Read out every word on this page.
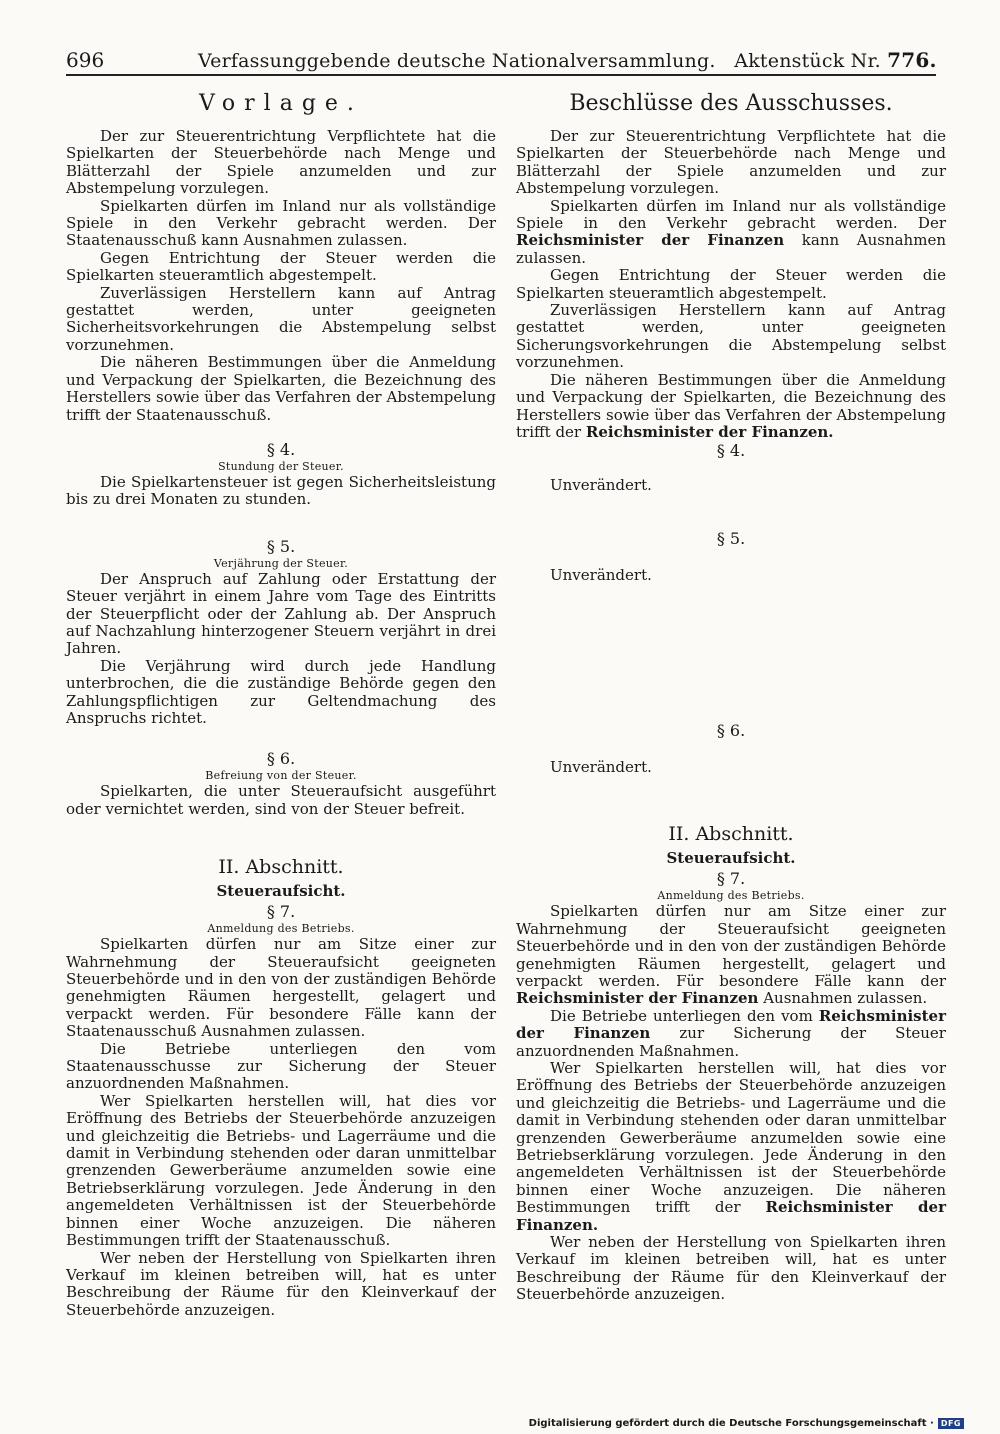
696	Verfassunggebende deutsche Nationalversammlung. Aktenstück Nr. 776.
Vorlage.

Der zur Steuerentrichtung Verpflichtete hat die Spielkarten der Steuerbehörde nach Menge und Blätterzahl der Spiele anzumelden und zur Abstempelung vorzulegen.

Spielkarten dürfen im Inland nur als vollständige Spiele in den Verkehr gebracht werden. Der Staatenausschuß kann Ausnahmen zulassen.

Gegen Entrichtung der Steuer werden die Spielkarten steueramtlich abgestempelt.

Zuverlässigen Herstellern kann auf Antrag gestattet werden, unter geeigneten Sicherheitsvorkehrungen die Abstempelung selbst vorzunehmen.

Die näheren Bestimmungen über die Anmeldung und Verpackung der Spielkarten, die Bezeichnung des Herstellers sowie über das Verfahren der Abstempelung trifft der Staatenausschuß.

§ 4.
Stundung der Steuer.

Die Spielkartensteuer ist gegen Sicherheitsleistung bis zu drei Monaten zu stunden.

§ 5.
Verjährung der Steuer.

Der Anspruch auf Zahlung oder Erstattung der Steuer verjährt in einem Jahre vom Tage des Eintritts der Steuerpflicht oder der Zahlung ab. Der Anspruch auf Nachzahlung hinterzogener Steuern verjährt in drei Jahren.

Die Verjährung wird durch jede Handlung unterbrochen, die die zuständige Behörde gegen den Zahlungspflichtigen zur Geltendmachung des Anspruchs richtet.

§ 6.
Befreiung von der Steuer.

Spielkarten, die unter Steueraufsicht ausgeführt oder vernichtet werden, sind von der Steuer befreit.

II. Abschnitt.
Steueraufsicht.
§ 7.
Anmeldung des Betriebs.

Spielkarten dürfen nur am Sitze einer zur Wahrnehmung der Steueraufsicht geeigneten Steuerbehörde und in den von der zuständigen Behörde genehmigten Räumen hergestellt, gelagert und verpackt werden. Für besondere Fälle kann der Staatenausschuß Ausnahmen zulassen.

Die Betriebe unterliegen den vom Staatenausschusse zur Sicherung der Steuer anzuordnenden Maßnahmen.

Wer Spielkarten herstellen will, hat dies vor Eröffnung des Betriebs der Steuerbehörde anzuzeigen und gleichzeitig die Betriebs- und Lagerräume und die damit in Verbindung stehenden oder daran unmittelbar grenzenden Gewerberäume anzumelden sowie eine Betriebserklärung vorzulegen. Jede Änderung in den angemeldeten Verhältnissen ist der Steuerbehörde binnen einer Woche anzuzeigen. Die näheren Bestimmungen trifft der Staatenausschuß.

Wer neben der Herstellung von Spielkarten ihren Verkauf im kleinen betreiben will, hat es unter Beschreibung der Räume für den Kleinverkauf der Steuerbehörde anzuzeigen.

Beschlüsse des Ausschusses.

Der zur Steuerentrichtung Verpflichtete hat die Spielkarten der Steuerbehörde nach Menge und Blätterzahl der Spiele anzumelden und zur Abstempelung vorzulegen.

Spielkarten dürfen im Inland nur als vollständige Spiele in den Verkehr gebracht werden. Der Reichsminister der Finanzen kann Ausnahmen zulassen.

Gegen Entrichtung der Steuer werden die Spielkarten steueramtlich abgestempelt.

Zuverlässigen Herstellern kann auf Antrag gestattet werden, unter geeigneten Sicherungsvorkehrungen die Abstempelung selbst vorzunehmen.

Die näheren Bestimmungen über die Anmeldung und Verpackung der Spielkarten, die Bezeichnung des Herstellers sowie über das Verfahren der Abstempelung trifft der Reichsminister der Finanzen.

§ 4.
Unverändert.
§ 5.
Unverändert.
§ 6.
Unverändert.
II. Abschnitt.
Steueraufsicht.
§ 7.
Anmeldung des Betriebs.

Spielkarten dürfen nur am Sitze einer zur Wahrnehmung der Steueraufsicht geeigneten Steuerbehörde und in den von der zuständigen Behörde genehmigten Räumen hergestellt, gelagert und verpackt werden. Für besondere Fälle kann der Reichsminister der Finanzen Ausnahmen zulassen.

Die Betriebe unterliegen den vom Reichsminister der Finanzen zur Sicherung der Steuer anzuordnenden Maßnahmen.

Wer Spielkarten herstellen will, hat dies vor Eröffnung des Betriebs der Steuerbehörde anzuzeigen und gleichzeitig die Betriebs- und Lagerräume und die damit in Verbindung stehenden oder daran unmittelbar grenzenden Gewerberäume anzumelden sowie eine Betriebserklärung vorzulegen. Jede Änderung in den angemeldeten Verhältnissen ist der Steuerbehörde binnen einer Woche anzuzeigen. Die näheren Bestimmungen trifft der Reichsminister der Finanzen.

Wer neben der Herstellung von Spielkarten ihren Verkauf im kleinen betreiben will, hat es unter Beschreibung der Räume für den Kleinverkauf der Steuerbehörde anzuzeigen.

Digitalisierung gefördert durch die Deutsche Forschungsgemeinschaft · DFG
